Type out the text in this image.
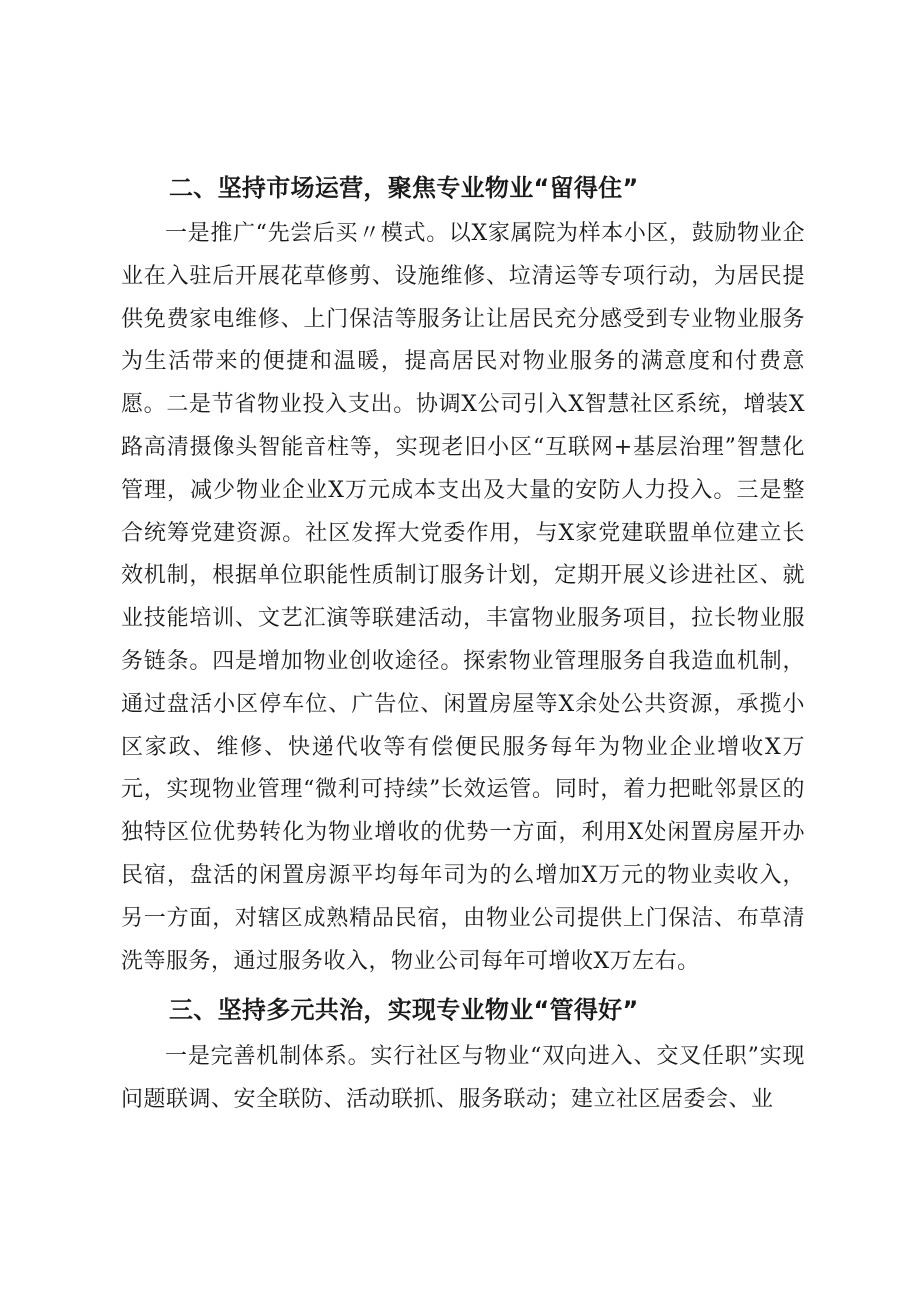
二、坚持市场运营，聚焦专业物业“留得住”
一是推广“先尝后买〃模式。以X家属院为样本小区，鼓励物业企业在入驻后开展花草修剪、设施维修、垃清运等专项行动，为居民提供免费家电维修、上门保洁等服务让让居民充分感受到专业物业服务为生活带来的便捷和温暖，提高居民对物业服务的满意度和付费意愿。二是节省物业投入支出。协调X公司引入X智慧社区系统，增装X路高清摄像头智能音柱等，实现老旧小区“互联网+基层治理”智慧化管理，减少物业企业X万元成本支出及大量的安防人力投入。三是整合统筹党建资源。社区发挥大党委作用，与X家党建联盟单位建立长效机制，根据单位职能性质制订服务计划，定期开展义诊进社区、就业技能培训、文艺汇演等联建活动，丰富物业服务项目，拉长物业服务链条。四是增加物业创收途径。探索物业管理服务自我造血机制，通过盘活小区停车位、广告位、闲置房屋等X余处公共资源，承揽小区家政、维修、快递代收等有偿便民服务每年为物业企业增收X万元，实现物业管理“微利可持续”长效运管。同时，着力把毗邻景区的独特区位优势转化为物业增收的优势一方面，利用X处闲置房屋开办民宿，盘活的闲置房源平均每年司为的么增加X万元的物业卖收入，另一方面，对辖区成熟精品民宿，由物业公司提供上门保洁、布草清洗等服务，通过服务收入，物业公司每年可增收X万左右。
三、坚持多元共治，实现专业物业“管得好”
一是完善机制体系。实行社区与物业“双向进入、交叉任职”实现问题联调、安全联防、活动联抓、服务联动；建立社区居委会、业
